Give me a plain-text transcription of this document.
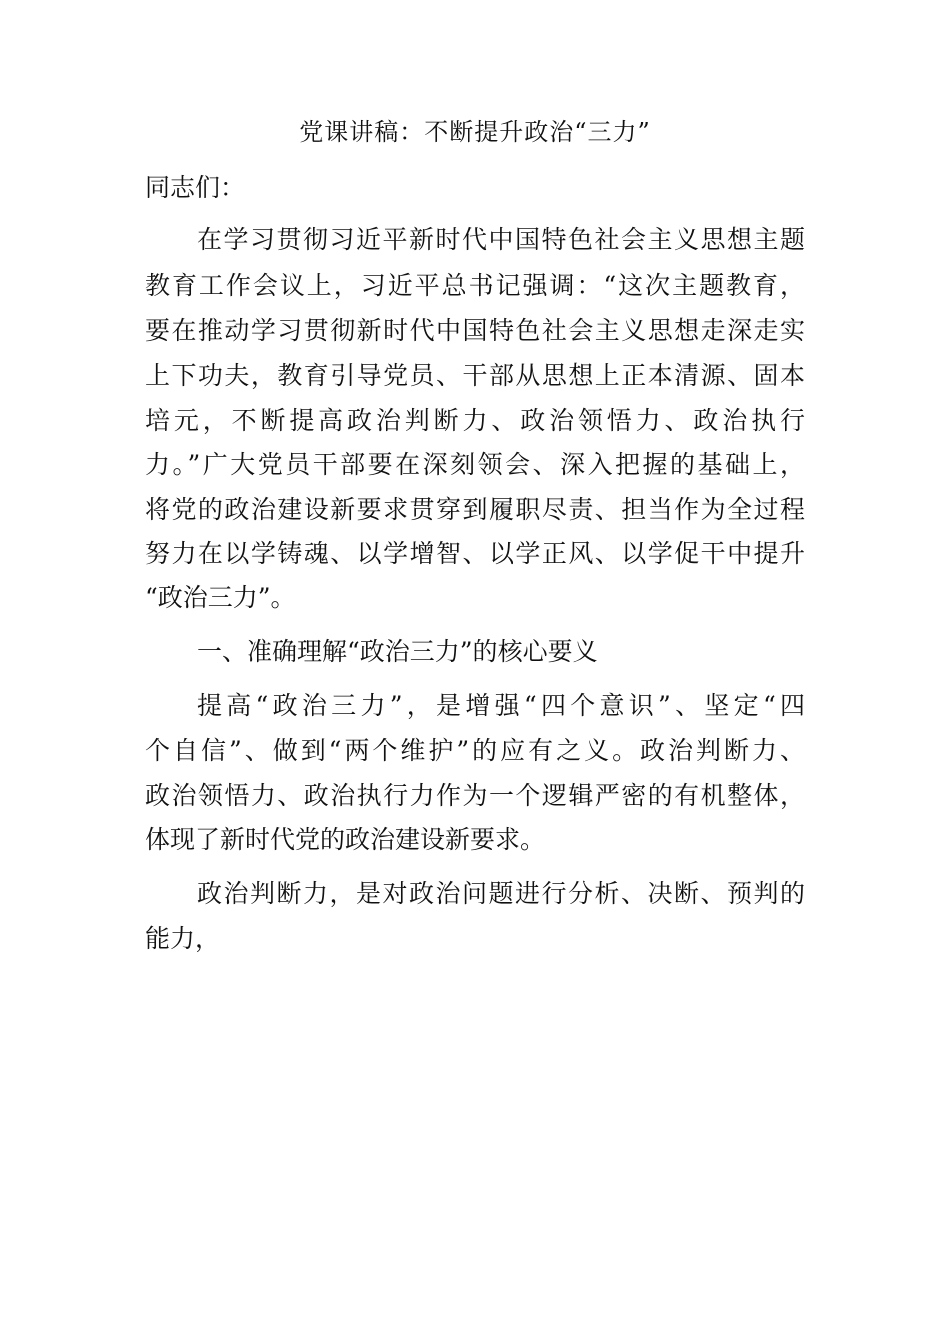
党课讲稿：不断提升政治“三力”
同志们：
在学习贯彻习近平新时代中国特色社会主义思想主题
教育工作会议上，习近平总书记强调：“这次主题教育，
要在推动学习贯彻新时代中国特色社会主义思想走深走实
上下功夫，教育引导党员、干部从思想上正本清源、固本
培元，不断提高政治判断力、政治领悟力、政治执行
力。”广大党员干部要在深刻领会、深入把握的基础上，
将党的政治建设新要求贯穿到履职尽责、担当作为全过程
努力在以学铸魂、以学增智、以学正风、以学促干中提升
“政治三力”。
一、准确理解“政治三力”的核心要义
提高“政治三力”，是增强“四个意识”、坚定“四
个自信”、做到“两个维护”的应有之义。政治判断力、
政治领悟力、政治执行力作为一个逻辑严密的有机整体，
体现了新时代党的政治建设新要求。
政治判断力，是对政治问题进行分析、决断、预判的
能力，
